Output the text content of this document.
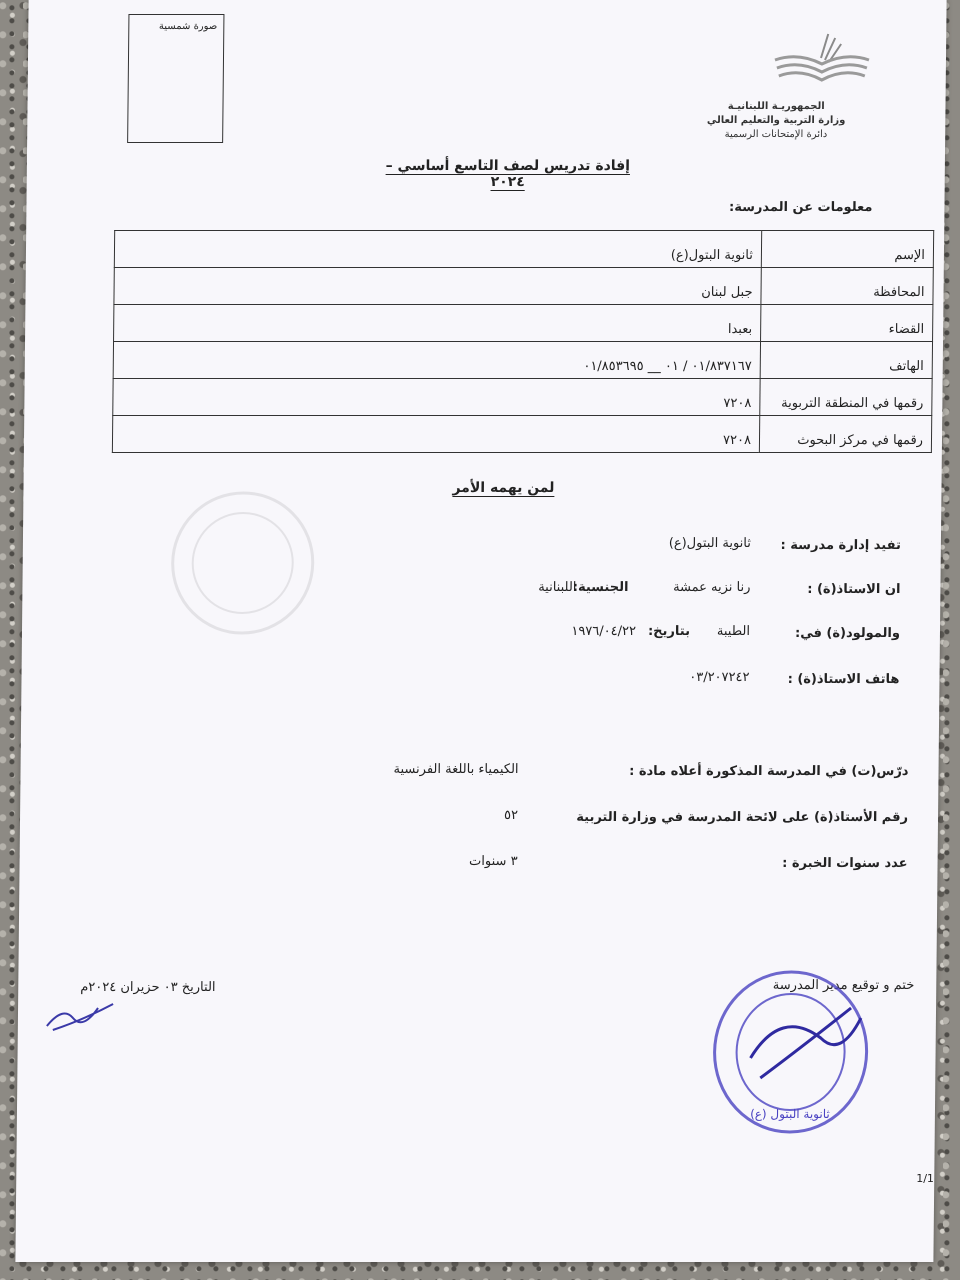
صورة شمسية
الجمهوريـة اللبنانيـة
وزارة التربية والتعليم العالي
دائرة الإمتحانات الرسمية
إفادة تدريس لصف التاسع أساسي – ٢٠٢٤
معلومات عن المدرسة:
الإسم	ثانوية البتول(ع)
المحافظة	جبل لبنان
القضاء	بعبدا
الهاتف	٠١/٨٣٧١٦٧ / ٠١ __ ٠١/٨٥٣٦٩٥
رقمها في المنطقة التربوية	٧٢٠٨
رقمها في مركز البحوث	٧٢٠٨
لمن يهمه الأمر
تفيد إدارة مدرسة :
ثانوية البتول(ع)
ان الاستاذ(ة) :
رنا نزيه عمشة
الجنسية:
اللبنانية
والمولود(ة) في:
الطيبة
بتاريخ:
١٩٧٦/٠٤/٢٢
هاتف الاستاذ(ة) :
٠٣/٢٠٧٢٤٢
درّس(ت) في المدرسة المذكورة أعلاه مادة :
الكيمياء باللغة الفرنسية
رقم الأستاذ(ة) على لائحة المدرسة في وزارة التربية
٥٢
عدد سنوات الخبرة :
٣ سنوات
ختم و توقيع مدير المدرسة
التاريخ ٠٣ حزيران ٢٠٢٤م
ثانوية البتول (ع)
1/1
